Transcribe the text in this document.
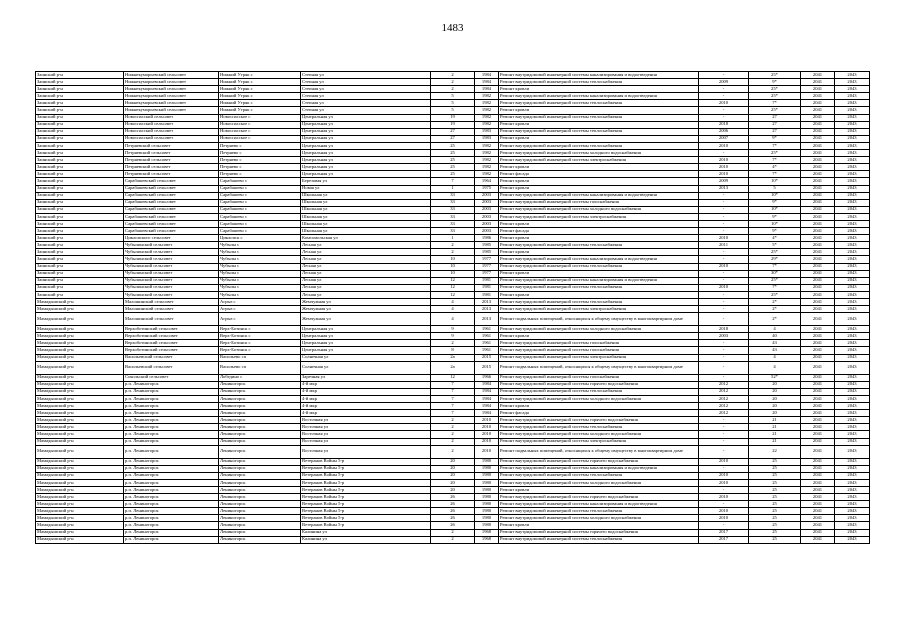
1483
Заинский р-н	Нижнекуморьевский сельсовет	Нижний Утряк с	Степная ул	2	1984	Ремонт внутридомовой инженерной системы канализирования и водоотведения	-	25*	2041	2043
Заинский р-н	Нижнекуморьевский сельсовет	Нижний Утряк с	Степная ул	2	1984	Ремонт внутридомовой инженерной системы теплоснабжения	2009	9*	2041	2043
Заинский р-н	Нижнекуморьевский сельсовет	Нижний Утряк с	Степная ул	2	1984	Ремонт кровли	-	25*	2041	2043
Заинский р-н	Нижнекуморьевский сельсовет	Нижний Утряк с	Степная ул	5	1982	Ремонт внутридомовой инженерной системы канализирования и водоотведения	-	25*	2041	2043
Заинский р-н	Нижнекуморьевский сельсовет	Нижний Утряк с	Степная ул	5	1982	Ремонт внутридомовой инженерной системы теплоснабжения	2010	7*	2041	2043
Заинский р-н	Нижнекуморьевский сельсовет	Нижний Утряк с	Степная ул	5	1982	Ремонт кровли	-	25*	2041	2043
Заинский р-н	Новоспасский сельсовет	Новоспасское с	Центральная ул	19	1982	Ремонт внутридомовой инженерной системы теплоснабжения	-	27	2041	2043
Заинский р-н	Новоспасский сельсовет	Новоспасское с	Центральная ул	19	1982	Ремонт кровли	2018	27	2041	2043
Заинский р-н	Новоспасский сельсовет	Новоспасское с	Центральная ул	27	1983	Ремонт внутридомовой инженерной системы теплоснабжения	2006	27	2041	2043
Заинский р-н	Новоспасский сельсовет	Новоспасское с	Центральная ул	27	1983	Ремонт кровли	2007	9*	2041	2043
Заинский р-н	Петряевский сельсовет	Петряево с	Центральная ул	25	1982	Ремонт внутридомовой инженерной системы теплоснабжения	2010	7*	2041	2043
Заинский р-н	Петряевский сельсовет	Петряево с	Центральная ул	25	1982	Ремонт внутридомовой инженерной системы холодного водоснабжения	-	25*	2041	2043
Заинский р-н	Петряевский сельсовет	Петряево с	Центральная ул	25	1982	Ремонт внутридомовой инженерной системы электроснабжения	2010	7*	2041	2043
Заинский р-н	Петряевский сельсовет	Петряево с	Центральная ул	25	1982	Ремонт кровли	2010	4*	2041	2043
Заинский р-н	Петряевский сельсовет	Петряево с	Центральная ул	25	1982	Ремонт фасада	2010	7*	2041	2043
Заинский р-н	Сарабашевский сельсовет	Сарабашево с	Березовая ул	7	1964	Ремонт кровли	2009	10*	2041	2043
Заинский р-н	Сарабашевский сельсовет	Сарабашево с	Новая ул	1	1975	Ремонт кровли	2013	5	2041	2043
Заинский р-н	Сарабашевский сельсовет	Сарабашево с	Школьная ул	33	2003	Ремонт внутридомовой инженерной системы канализирования и водоотведения	-	10*	2041	2043
Заинский р-н	Сарабашевский сельсовет	Сарабашево с	Школьная ул	33	2003	Ремонт внутридомовой инженерной системы газоснабжения	-	9*	2041	2043
Заинский р-н	Сарабашевский сельсовет	Сарабашево с	Школьная ул	33	2003	Ремонт внутридомовой инженерной системы холодного водоснабжения	-	10*	2041	2043
Заинский р-н	Сарабашевский сельсовет	Сарабашево с	Школьная ул	33	2003	Ремонт внутридомовой инженерной системы электроснабжения	-	9*	2041	2043
Заинский р-н	Сарабашевский сельсовет	Сарабашево с	Школьная ул	33	2003	Ремонт кровли	-	10*	2041	2043
Заинский р-н	Сарабашевский сельсовет	Сарабашево с	Школьная ул	33	2003	Ремонт фасада	-	9*	2041	2043
Заинский р-н	Циклопского сельсовет	Циклопск с	Комсомольская ул	1	1986	Ремонт кровли	2010	4*	2041	2043
Заинский р-н	Чубылинский сельсовет	Чубылы с	Лесная ул	2	1985	Ремонт внутридомовой инженерной системы теплоснабжения	2011	5*	2041	2043
Заинский р-н	Чубылинский сельсовет	Чубылы с	Лесная ул	2	1985	Ремонт кровли	-	25*	2041	2043
Заинский р-н	Чубылинский сельсовет	Чубылы с	Лесная ул	10	1977	Ремонт внутридомовой инженерной системы канализирования и водоотведения	-	29*	2041	2043
Заинский р-н	Чубылинский сельсовет	Чубылы с	Лесная ул	10	1977	Ремонт внутридомовой инженерной системы теплоснабжения	2010	7*	2041	2043
Заинский р-н	Чубылинский сельсовет	Чубылы с	Лесная ул	10	1977	Ремонт кровли	-	30*	2041	2043
Заинский р-н	Чубылинский сельсовет	Чубылы с	Лесная ул	12	1981	Ремонт внутридомовой инженерной системы канализирования и водоотведения	-	25*	2041	2043
Заинский р-н	Чубылинский сельсовет	Чубылы с	Лесная ул	12	1981	Ремонт внутридомовой инженерной системы теплоснабжения	2010	7*	2041	2043
Заинский р-н	Чубылинский сельсовет	Чубылы с	Лесная ул	12	1981	Ремонт кровли	-	25*	2041	2043
Мамадышский р-н	Малошинский сельсовет	Агрыз с	Жемчужная ул	4	2013	Ремонт внутридомовой инженерной системы теплоснабжения	-	2*	2041	2043
Мамадышский р-н	Малошинский сельсовет	Агрыз с	Жемчужная ул	4	2013	Ремонт внутридомовой инженерной системы электроснабжения	-	2*	2041	2043
Мамадышский р-н	Малошинский сельсовет	Агрыз с	Жемчужная ул	4	2013	Ремонт подвальных помещений, относящихся к общему имуществу в многоквартирном доме	-	2*	2041	2043
Мамадышский р-н	Верхоботинский сельсовет	Верх-Ботинск с	Центральная ул	9	1961	Ремонт внутридомовой инженерной системы холодного водоснабжения	2018	4	2041	2043
Мамадышский р-н	Верхоботинский сельсовет	Верх-Ботинск с	Центральная ул	9	1961	Ремонт кровли	2003	40	2041	2043
Мамадышский р-н	Верхоботинский сельсовет	Верх-Ботинск с	Центральная ул	2	1961	Ремонт внутридомовой инженерной системы газоснабжения	-	43	2041	2043
Мамадышский р-н	Верхоботинский сельсовет	Верх-Ботинск с	Центральная ул	8	1961	Ремонт внутридомовой инженерной системы газоснабжения	-	43	2041	2043
Мамадышский р-н	Васильевский сельсовет	Васильево сп	Солнечная ул	2а	2015	Ремонт внутридомовой инженерной системы электроснабжения	-	4	2041	2043
Мамадышский р-н	Васильевский сельсовет	Васильево сп	Солнечная ул	2а	2015	Ремонт подвальных помещений, относящихся к общему имуществу в многоквартирном доме	-	4	2041	2043
Мамадышский р-н	Сокольский сельсовет	Лобедино с	Заречная ул	12	1966	Ремонт внутридомовой инженерной системы газоснабжения	-	52*	2041	2043
Мамадышский р-н	р.п. Лениногорск	Лениногорск	4-й мкр	7	1984	Ремонт внутридомовой инженерной системы горячего водоснабжения	2012	20	2041	2043
Мамадышский р-н	р.п. Лениногорск	Лениногорск	4-й мкр	7	1984	Ремонт внутридомовой инженерной системы теплоснабжения	2012	20	2041	2043
Мамадышский р-н	р.п. Лениногорск	Лениногорск	4-й мкр	7	1984	Ремонт внутридомовой инженерной системы холодного водоснабжения	2012	20	2041	2043
Мамадышский р-н	р.п. Лениногорск	Лениногорск	4-й мкр	7	1984	Ремонт кровли	2012	20	2041	2043
Мамадышский р-н	р.п. Лениногорск	Лениногорск	4-й мкр	7	1984	Ремонт фасада	2012	20	2041	2043
Мамадышский р-н	р.п. Лениногорск	Лениногорск	Восточная ул	2	2010	Ремонт внутридомовой инженерной системы горячего водоснабжения	-	21	2041	2043
Мамадышский р-н	р.п. Лениногорск	Лениногорск	Восточная ул	2	2010	Ремонт внутридомовой инженерной системы теплоснабжения	-	21	2041	2043
Мамадышский р-н	р.п. Лениногорск	Лениногорск	Восточная ул	2	2010	Ремонт внутридомовой инженерной системы холодного водоснабжения	-	21	2041	2043
Мамадышский р-н	р.п. Лениногорск	Лениногорск	Восточная ул	2	2010	Ремонт внутридомовой инженерной системы электроснабжения	-	21	2041	2043
Мамадышский р-н	р.п. Лениногорск	Лениногорск	Восточная ул	2	2010	Ремонт подвальных помещений, относящихся к общему имуществу в многоквартирном доме	-	22	2041	2043
Мамадышский р-н	р.п. Лениногорск	Лениногорск	Ветеранов Войны 5-р	20	1980	Ремонт внутридомовой инженерной системы горячего водоснабжения	2010	25	2041	2043
Мамадышский р-н	р.п. Лениногорск	Лениногорск	Ветеранов Войны 5-р	20	1980	Ремонт внутридомовой инженерной системы канализирования и водоотведения	-	25	2041	2043
Мамадышский р-н	р.п. Лениногорск	Лениногорск	Ветеранов Войны 5-р	20	1980	Ремонт внутридомовой инженерной системы теплоснабжения	2010	25	2041	2043
Мамадышский р-н	р.п. Лениногорск	Лениногорск	Ветеранов Войны 5-р	20	1980	Ремонт внутридомовой инженерной системы холодного водоснабжения	2010	25	2041	2043
Мамадышский р-н	р.п. Лениногорск	Лениногорск	Ветеранов Войны 5-р	20	1980	Ремонт кровли	-	25	2041	2043
Мамадышский р-н	р.п. Лениногорск	Лениногорск	Ветеранов Войны 5-р	26	1980	Ремонт внутридомовой инженерной системы горячего водоснабжения	2010	25	2041	2043
Мамадышский р-н	р.п. Лениногорск	Лениногорск	Ветеранов Войны 5-р	26	1980	Ремонт внутридомовой инженерной системы канализирования и водоотведения	-	25	2041	2043
Мамадышский р-н	р.п. Лениногорск	Лениногорск	Ветеранов Войны 5-р	26	1980	Ремонт внутридомовой инженерной системы теплоснабжения	2010	25	2041	2043
Мамадышский р-н	р.п. Лениногорск	Лениногорск	Ветеранов Войны 5-р	26	1980	Ремонт внутридомовой инженерной системы холодного водоснабжения	2010	25	2041	2043
Мамадышский р-н	р.п. Лениногорск	Лениногорск	Ветеранов Войны 5-р	26	1980	Ремонт кровли	-	25	2041	2043
Мамадышский р-н	р.п. Лениногорск	Лениногорск	Калинина ул	2	1968	Ремонт внутридомовой инженерной системы горячего водоснабжения	2017	25	2041	2043
Мамадышский р-н	р.п. Лениногорск	Лениногорск	Калинина ул	2	1968	Ремонт внутридомовой инженерной системы теплоснабжения	2017	25	2041	2043
